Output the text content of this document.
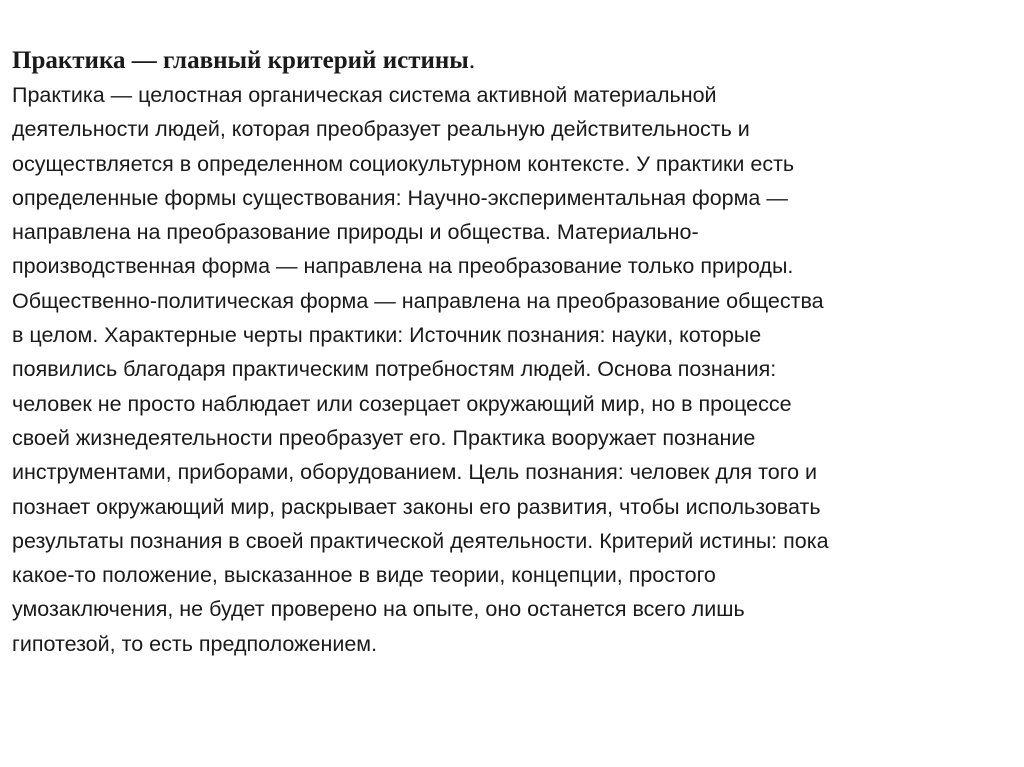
Практика — главный критерий истины.

Практика — целостная органическая система активной материальной
деятельности людей, которая преобразует реальную действительность и
осуществляется в определенном социокультурном контексте. У практики есть
определенные формы существования: Научно-экспериментальная форма —
направлена на преобразование природы и общества. Материально-
производственная форма — направлена на преобразование только природы.
Общественно-политическая форма — направлена на преобразование общества
в целом. Характерные черты практики: Источник познания: науки, которые
появились благодаря практическим потребностям людей. Основа познания:
человек не просто наблюдает или созерцает окружающий мир, но в процессе
своей жизнедеятельности преобразует его. Практика вооружает познание
инструментами, приборами, оборудованием. Цель познания: человек для того и
познает окружающий мир, раскрывает законы его развития, чтобы использовать
результаты познания в своей практической деятельности. Критерий истины: пока
какое-то положение, высказанное в виде теории, концепции, простого
умозаключения, не будет проверено на опыте, оно останется всего лишь
гипотезой, то есть предположением.
